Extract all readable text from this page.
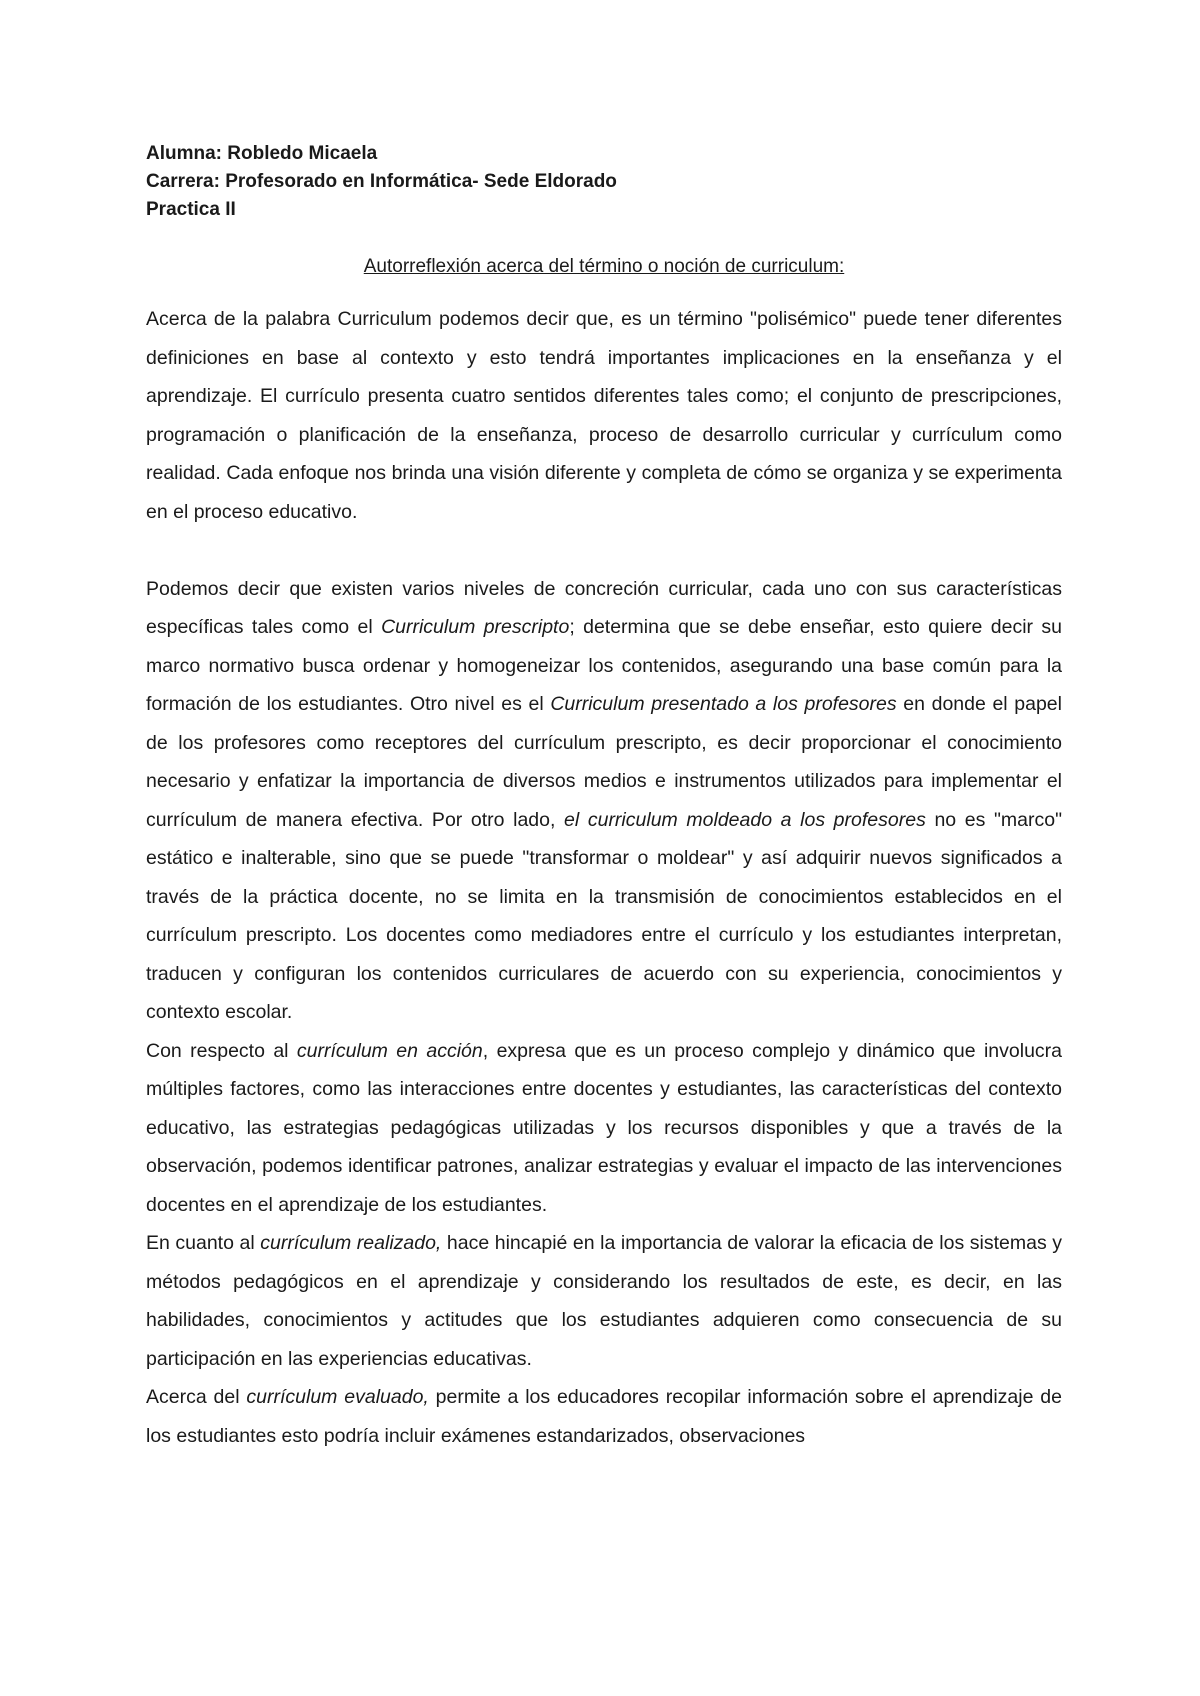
Alumna: Robledo Micaela

Carrera: Profesorado en Informática- Sede Eldorado

Practica II

Autorreflexión acerca del término o noción de curriculum:

Acerca de la palabra Curriculum podemos decir que, es un término "polisémico" puede tener diferentes definiciones en base al contexto y esto tendrá importantes implicaciones en la enseñanza y el aprendizaje. El currículo presenta cuatro sentidos diferentes tales como; el conjunto de prescripciones, programación o planificación de la enseñanza, proceso de desarrollo curricular y currículum como realidad. Cada enfoque nos brinda una visión diferente y completa de cómo se organiza y se experimenta en el proceso educativo.

Podemos decir que existen varios niveles de concreción curricular, cada uno con sus características específicas tales como el Curriculum prescripto; determina que se debe enseñar, esto quiere decir su marco normativo busca ordenar y homogeneizar los contenidos, asegurando una base común para la formación de los estudiantes. Otro nivel es el Curriculum presentado a los profesores en donde el papel de los profesores como receptores del currículum prescripto, es decir proporcionar el conocimiento necesario y enfatizar la importancia de diversos medios e instrumentos utilizados para implementar el currículum de manera efectiva. Por otro lado, el curriculum moldeado a los profesores no es "marco" estático e inalterable, sino que se puede "transformar o moldear" y así adquirir nuevos significados a través de la práctica docente, no se limita en la transmisión de conocimientos establecidos en el currículum prescripto. Los docentes como mediadores entre el currículo y los estudiantes interpretan, traducen y configuran los contenidos curriculares de acuerdo con su experiencia, conocimientos y contexto escolar.

Con respecto al currículum en acción, expresa que es un proceso complejo y dinámico que involucra múltiples factores, como las interacciones entre docentes y estudiantes, las características del contexto educativo, las estrategias pedagógicas utilizadas y los recursos disponibles y que a través de la observación, podemos identificar patrones, analizar estrategias y evaluar el impacto de las intervenciones docentes en el aprendizaje de los estudiantes.

En cuanto al currículum realizado, hace hincapié en la importancia de valorar la eficacia de los sistemas y métodos pedagógicos en el aprendizaje y considerando los resultados de este, es decir, en las habilidades, conocimientos y actitudes que los estudiantes adquieren como consecuencia de su participación en las experiencias educativas.

Acerca del currículum evaluado, permite a los educadores recopilar información sobre el aprendizaje de los estudiantes esto podría incluir exámenes estandarizados, observaciones
